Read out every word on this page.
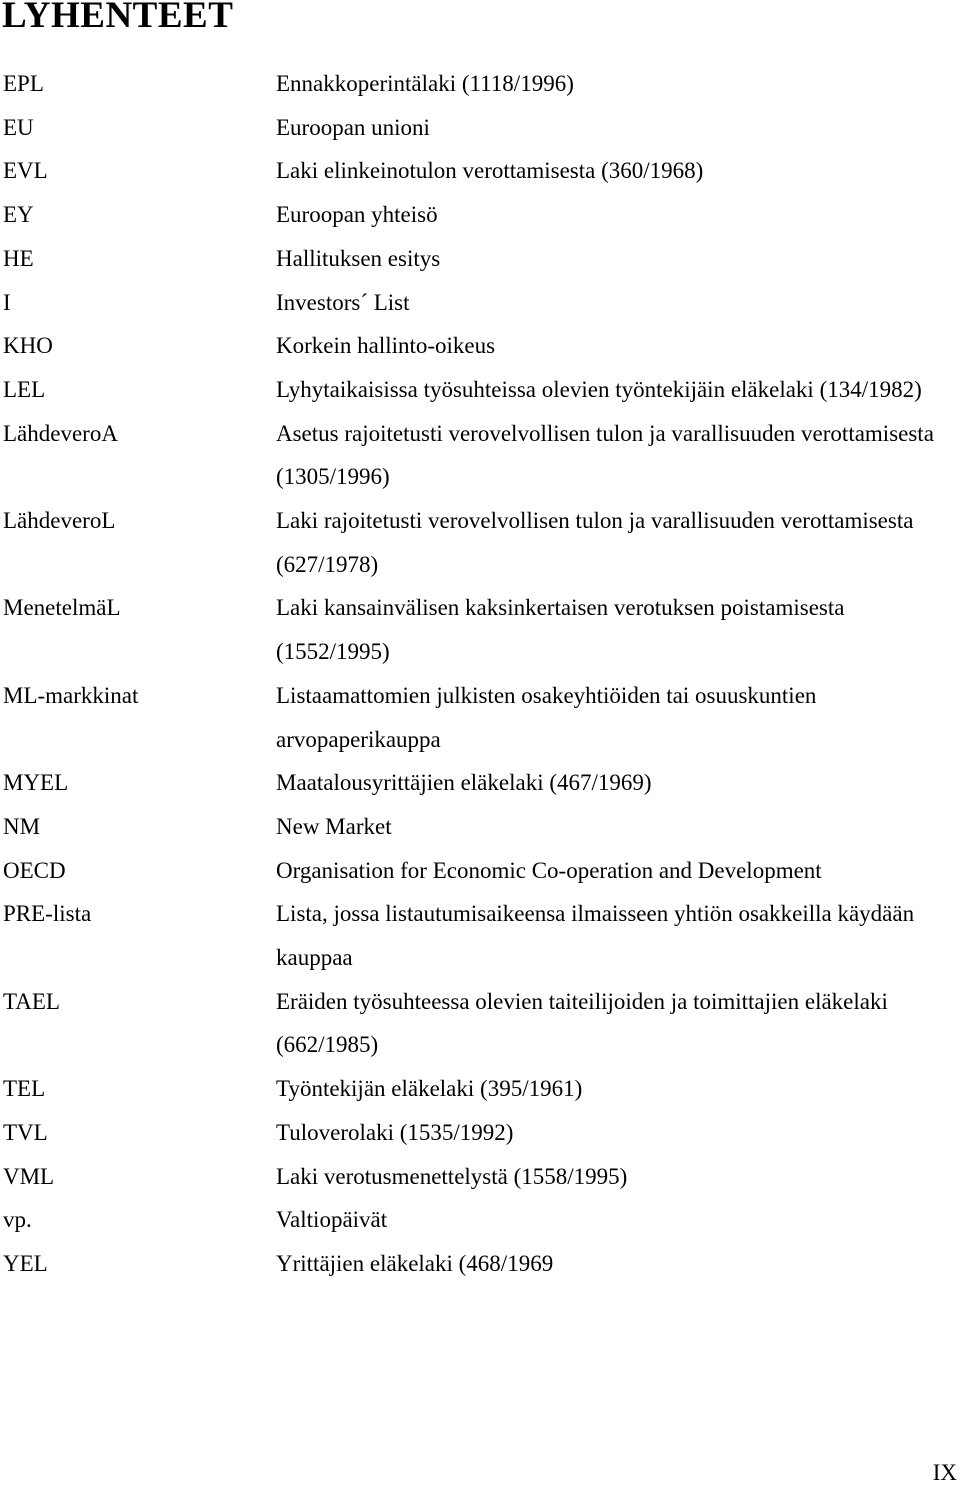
LYHENTEET
EPL	Ennakkoperintälaki (1118/1996)
EU	Euroopan unioni
EVL	Laki elinkeinotulon verottamisesta (360/1968)
EY	Euroopan yhteisö
HE	Hallituksen esitys
I	Investors´ List
KHO	Korkein hallinto-oikeus
LEL	Lyhytaikaisissa työsuhteissa olevien työntekijäin eläkelaki (134/1982)
LähdeveroA	Asetus rajoitetusti verovelvollisen tulon ja varallisuuden verottamisesta (1305/1996)
LähdeveroL	Laki rajoitetusti verovelvollisen tulon ja varallisuuden verottamisesta (627/1978)
MenetelmäL	Laki kansainvälisen kaksinkertaisen verotuksen poistamisesta (1552/1995)
ML-markkinat	Listaamattomien julkisten osakeyhtiöiden tai osuuskuntien arvopaperikauppa
MYEL	Maatalousyrittäjien eläkelaki (467/1969)
NM	New Market
OECD	Organisation for Economic Co-operation and Development
PRE-lista	Lista, jossa listautumisaikeensa ilmaisseen yhtiön osakkeilla käydään kauppaa
TAEL	Eräiden työsuhteessa olevien taiteilijoiden ja toimittajien eläkelaki (662/1985)
TEL	Työntekijän eläkelaki (395/1961)
TVL	Tuloverolaki (1535/1992)
VML	Laki verotusmenettelystä (1558/1995)
vp.	Valtiopäivät
YEL	Yrittäjien eläkelaki (468/1969
IX
